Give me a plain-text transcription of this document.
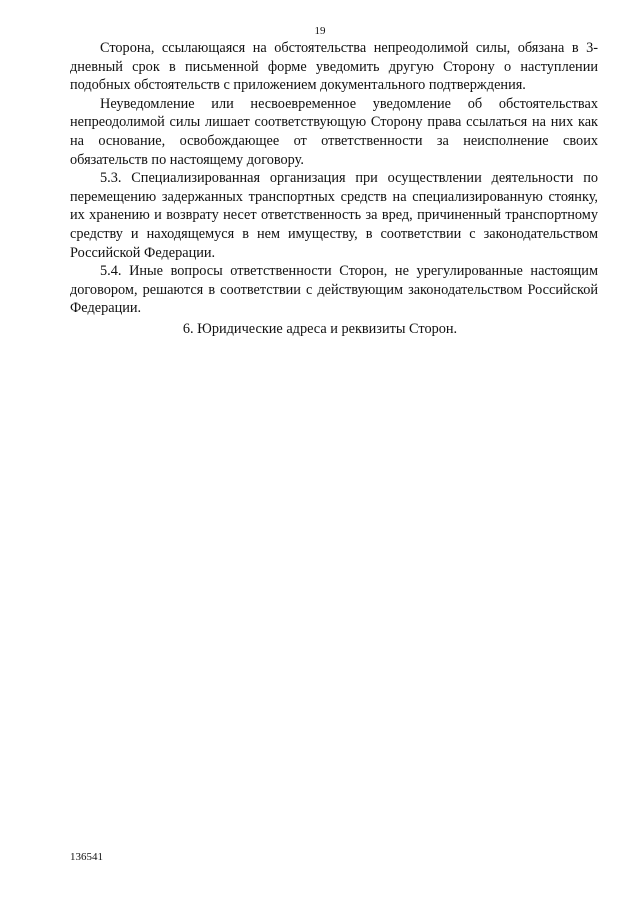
19

Сторона, ссылающаяся на обстоятельства непреодолимой силы, обязана в 3-дневный срок в письменной форме уведомить другую Сторону о наступлении подобных обстоятельств с приложением документального подтверждения.

Неуведомление или несвоевременное уведомление об обстоятельствах непреодолимой силы лишает соответствующую Сторону права ссылаться на них как на основание, освобождающее от ответственности за неисполнение своих обязательств по настоящему договору.

5.3. Специализированная организация при осуществлении деятельности по перемещению задержанных транспортных средств на специализированную стоянку, их хранению и возврату несет ответственность за вред, причиненный транспортному средству и находящемуся в нем имуществу, в соответствии с законодательством Российской Федерации.

5.4. Иные вопросы ответственности Сторон, не урегулированные настоящим договором, решаются в соответствии с действующим законодательством Российской Федерации.

6. Юридические адреса и реквизиты Сторон.
136541
